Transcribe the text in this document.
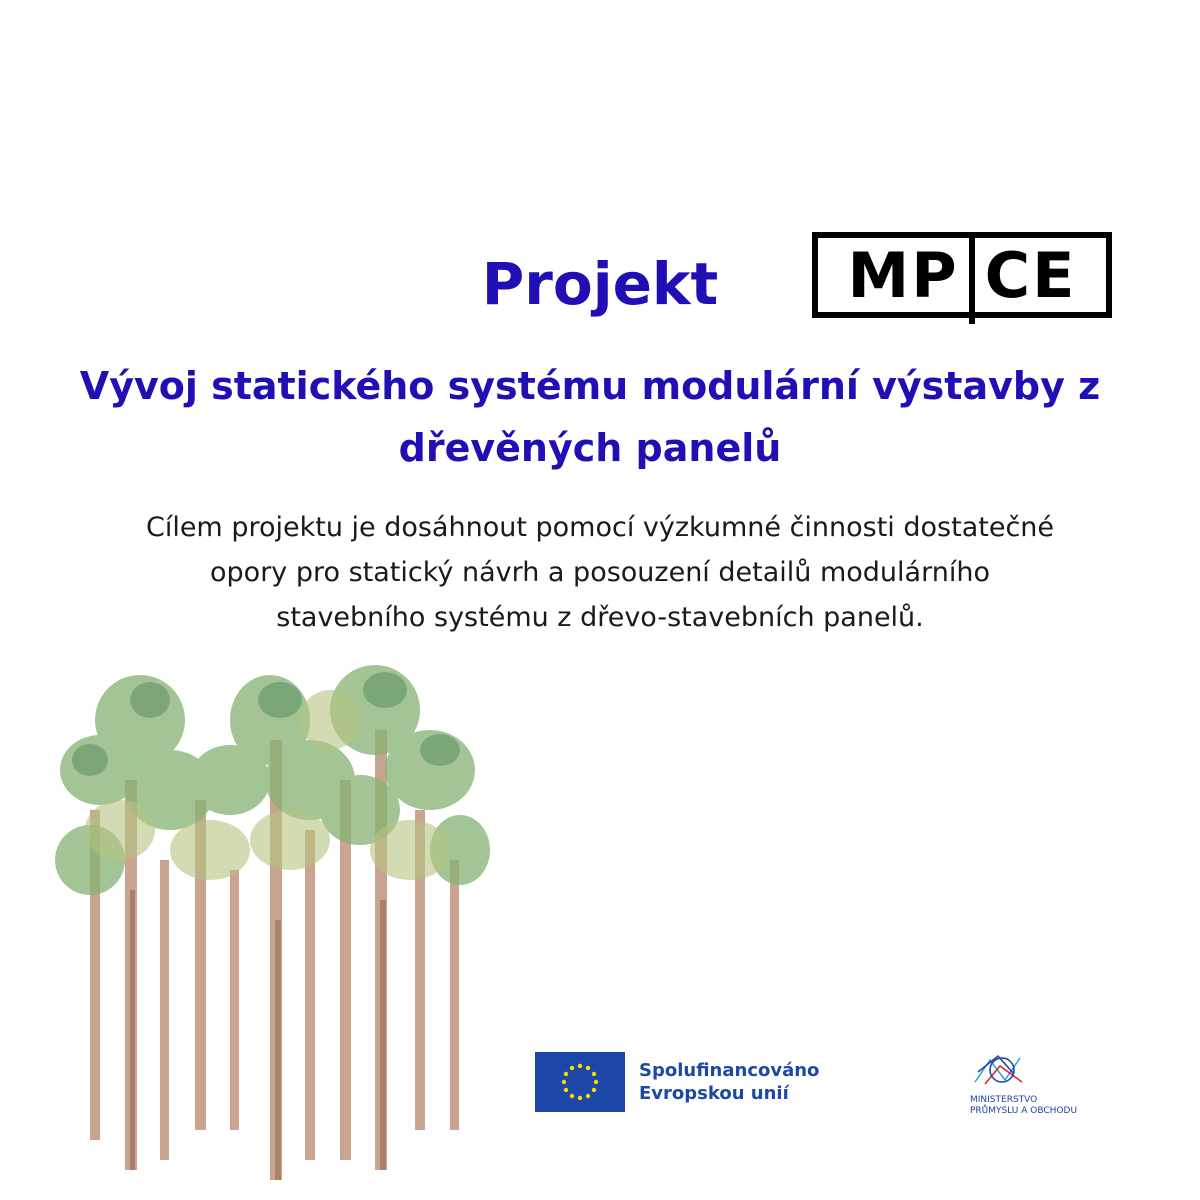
Projekt	MP CE
Vývoj statického systému modulární výstavby z
dřevěných panelů
Cílem projektu je dosáhnout pomocí výzkumné činnosti dostatečné
opory pro statický návrh a posouzení detailů modulárního
stavebního systému z dřevo-stavebních panelů.
Spolufinancováno
Evropskou unií	MINISTERSTVO
PRŮMYSLU A OBCHODU
